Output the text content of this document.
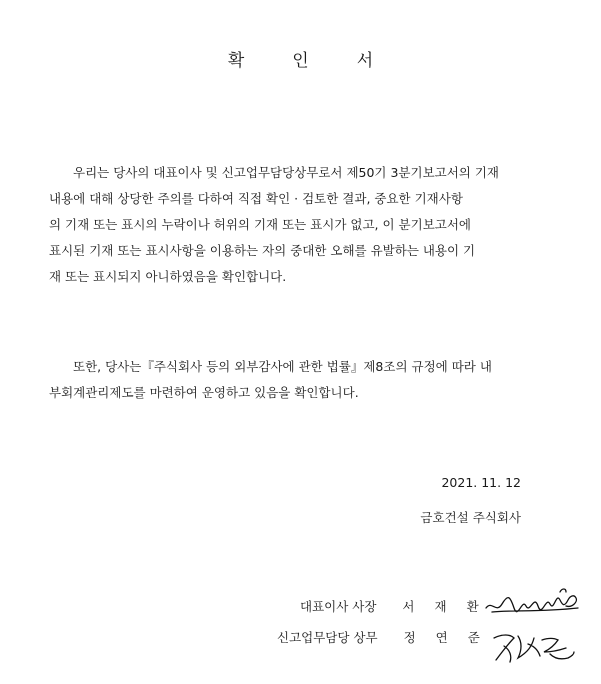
확	인	서
우리는 당사의 대표이사 및 신고업무담당상무로서 제50기 3분기보고서의 기재
내용에 대해 상당한 주의를 다하여 직접 확인 · 검토한 결과, 중요한 기재사항
의 기재 또는 표시의 누락이나 허위의 기재 또는 표시가 없고, 이 분기보고서에
표시된 기재 또는 표시사항을 이용하는 자의 중대한 오해를 유발하는 내용이 기
재 또는 표시되지 아니하였음을 확인합니다.
또한, 당사는『주식회사 등의 외부감사에 관한 법률』제8조의 규정에 따라 내
부회계관리제도를 마련하여 운영하고 있음을 확인합니다.
2021. 11. 12
금호건설 주식회사
대표이사 사장 서 재 환
신고업무담당 상무 정 연 준
